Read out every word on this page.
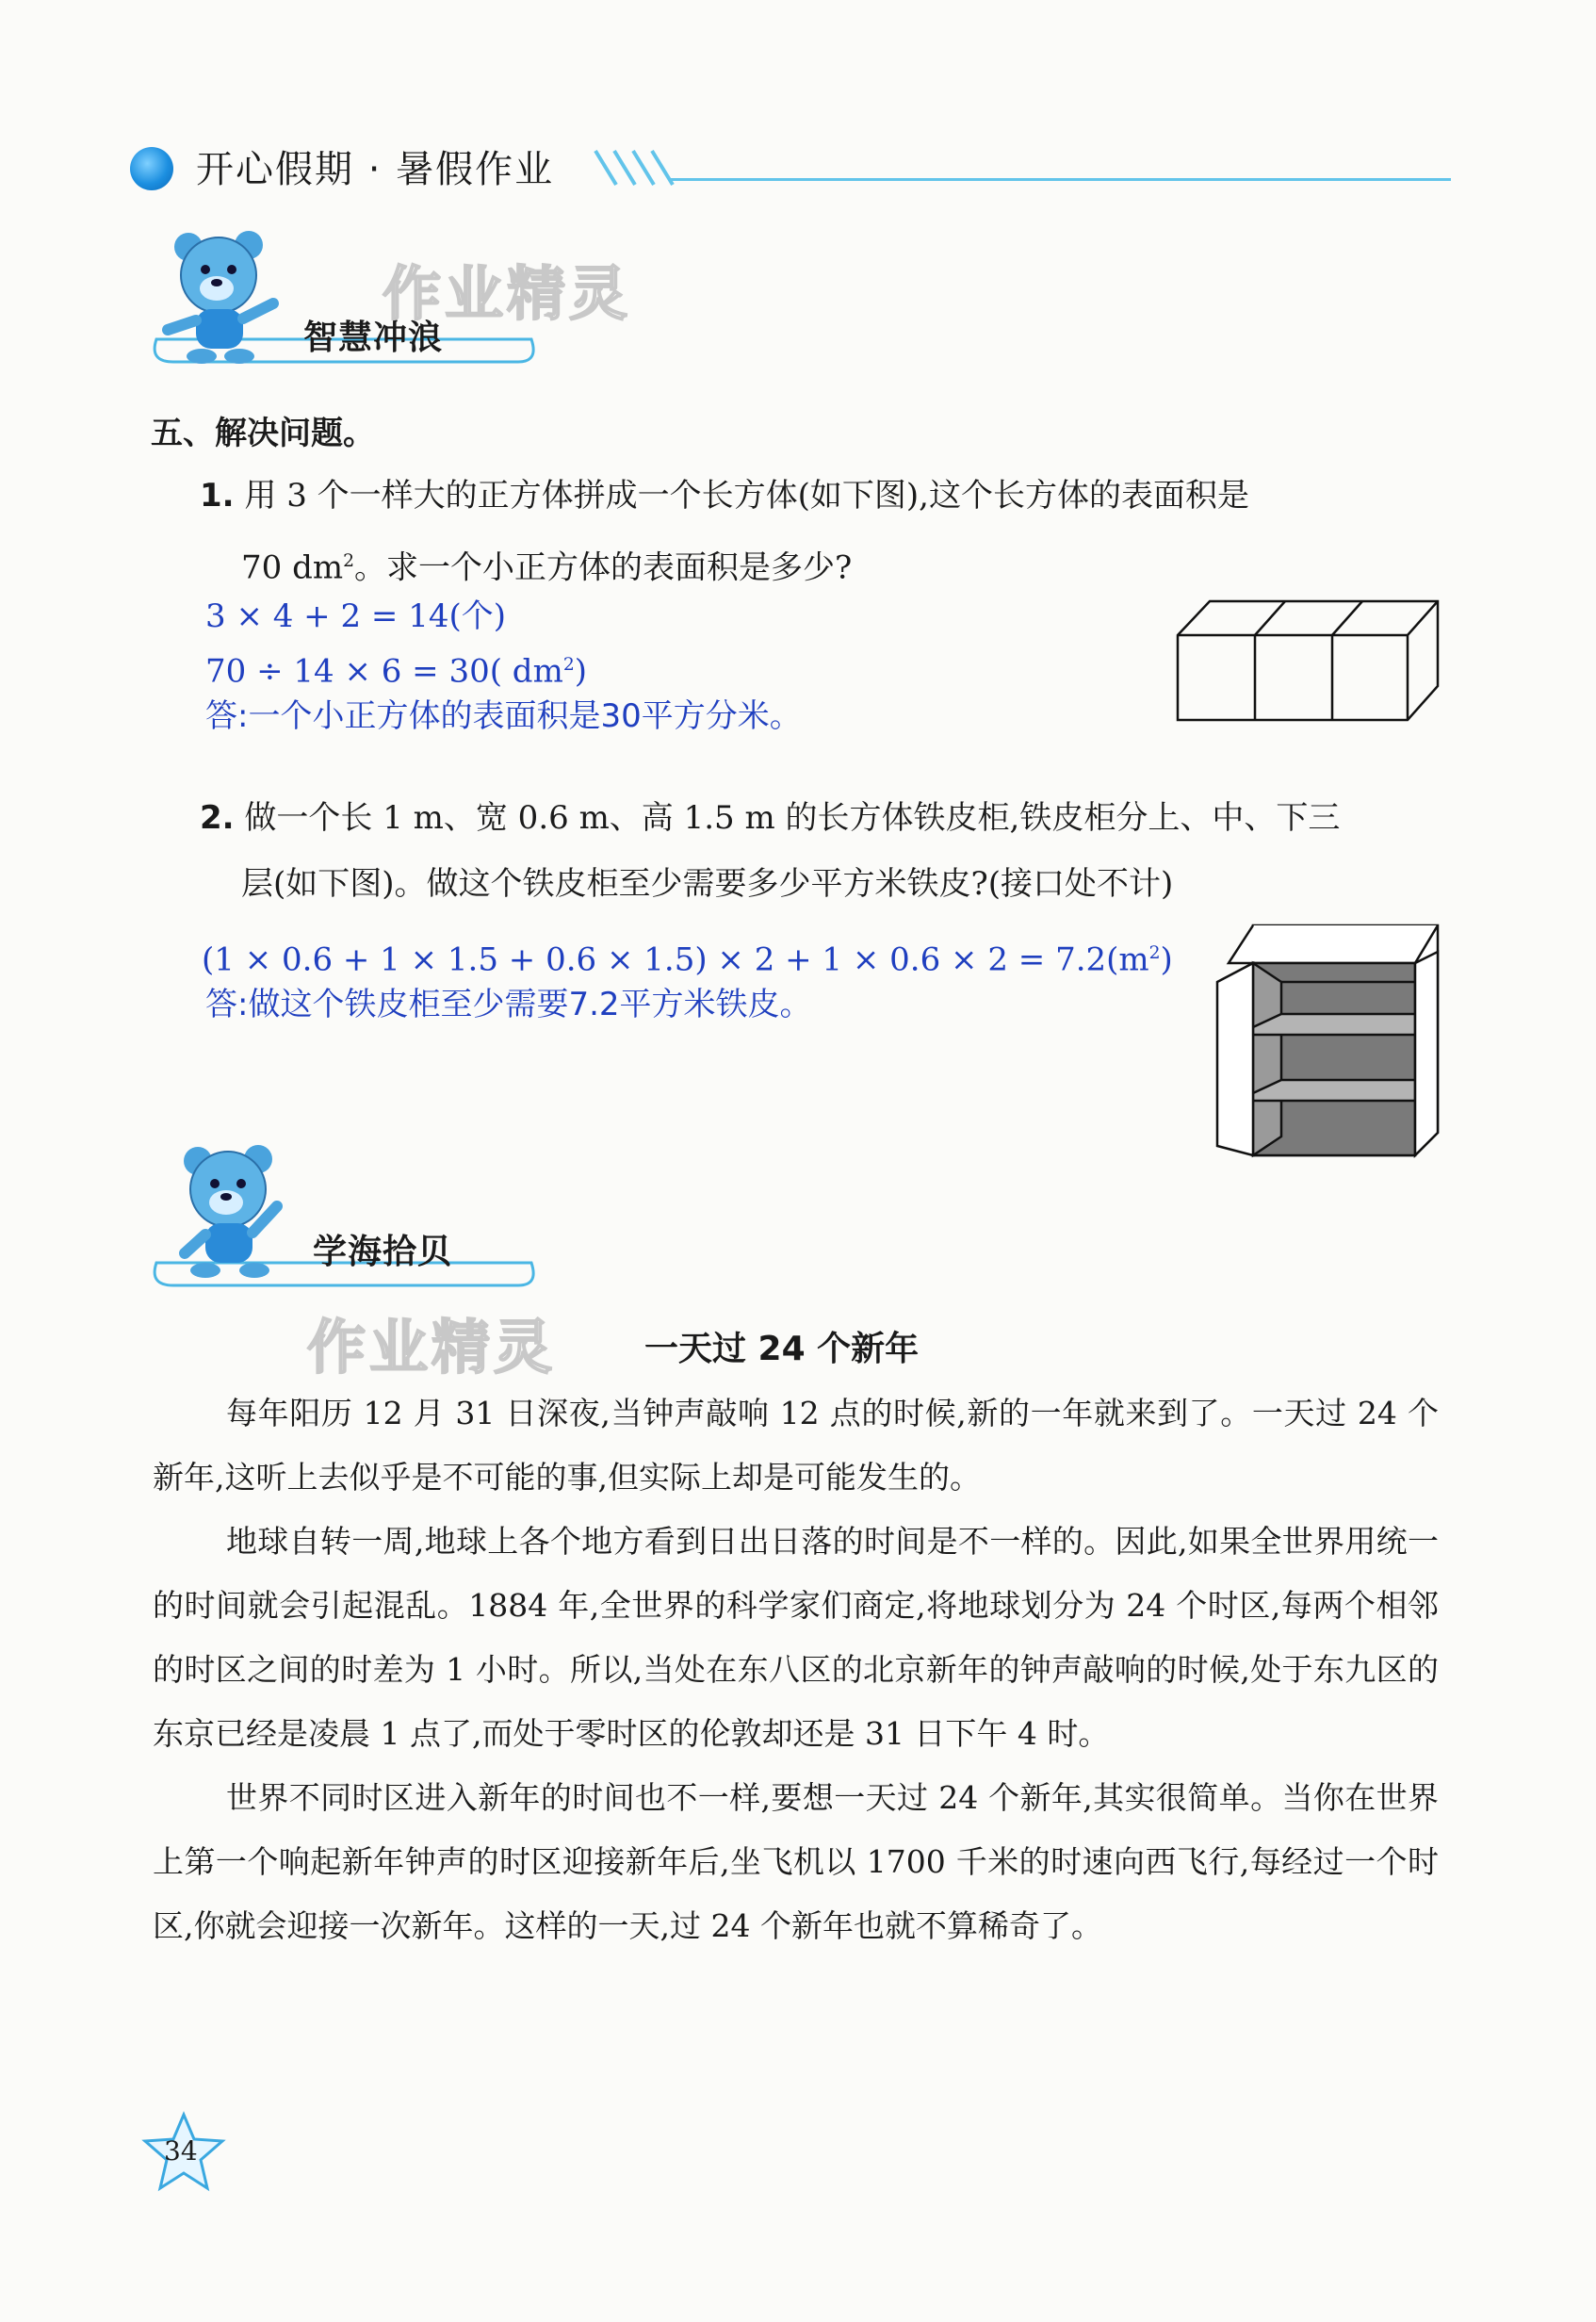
开心假期 · 暑假作业
智慧冲浪
作业精灵
五、解决问题。
1. 用 3 个一样大的正方体拼成一个长方体(如下图),这个长方体的表面积是
70 $dm^2$。求一个小正方体的表面积是多少?
3 × 4 + 2 = 14(个)
70 ÷ 14 × 6 = 30( $dm^2$)
答:一个小正方体的表面积是30平方分米。
2. 做一个长 1 m、宽 0.6 m、高 1.5 m 的长方体铁皮柜,铁皮柜分上、中、下三
层(如下图)。做这个铁皮柜至少需要多少平方米铁皮?(接口处不计)
$(1 \times 0.6 + 1 \times 1.5 + 0.6 \times 1.5) \times 2 + 1 \times 0.6 \times 2 = 7.2(m^2)$
答:做这个铁皮柜至少需要7.2平方米铁皮。
学海拾贝
作业精灵	一天过 24 个新年

每年阳历 12 月 31 日深夜,当钟声敲响 12 点的时候,新的一年就来到了。一天过 24 个新年,这听上去似乎是不可能的事,但实际上却是可能发生的。

地球自转一周,地球上各个地方看到日出日落的时间是不一样的。因此,如果全世界用统一的时间就会引起混乱。1884 年,全世界的科学家们商定,将地球划分为 24 个时区,每两个相邻的时区之间的时差为 1 小时。所以,当处在东八区的北京新年的钟声敲响的时候,处于东九区的东京已经是凌晨 1 点了,而处于零时区的伦敦却还是 31 日下午 4 时。

世界不同时区进入新年的时间也不一样,要想一天过 24 个新年,其实很简单。当你在世界上第一个响起新年钟声的时区迎接新年后,坐飞机以 1700 千米的时速向西飞行,每经过一个时区,你就会迎接一次新年。这样的一天,过 24 个新年也就不算稀奇了。

34
